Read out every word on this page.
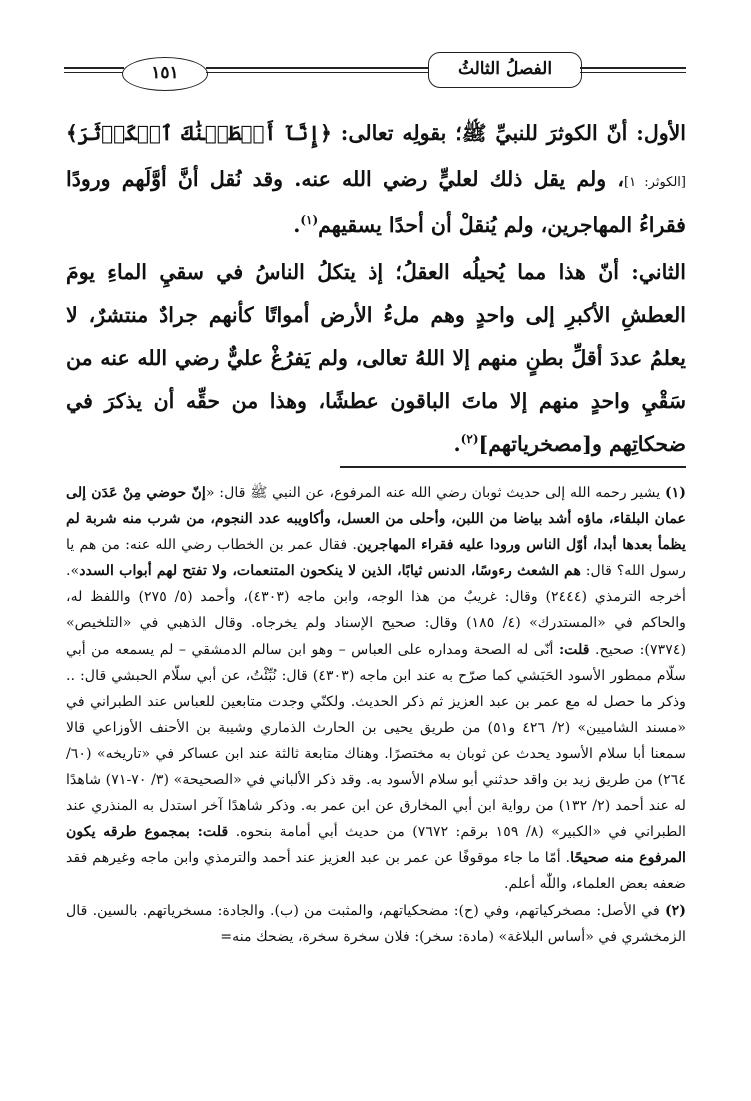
١٥١	الفصلُ الثالثُ

الأول: أنّ الكوثرَ للنبيِّ ﷺ؛ بقولِه تعالى: ﴿إِنَّآ أَعۡطَيۡنَٰكَ ٱلۡكَوۡثَرَ﴾ [الكوثر: ١]، ولم يقل ذلك لعليٍّ رضي الله عنه. وقد نُقل أنَّ أوَّلَهم ورودًا فقراءُ المهاجرين، ولم يُنقلْ أن أحدًا يسقيهم$^{(١)}$.

الثاني: أنّ هذا مما يُحيلُه العقلُ؛ إذ يتكلُ الناسُ في سقيِ الماءِ يومَ العطشِ الأكبرِ إلى واحدٍ وهم ملءُ الأرض أمواتًا كأنهم جرادٌ منتشرٌ، لا يعلمُ عددَ أقلِّ بطنٍ منهم إلا اللهُ تعالى، ولم يَفرُغْ عليٌّ رضي الله عنه من سَقْيِ واحدٍ منهم إلا ماتَ الباقون عطشًا، وهذا من حقِّه أن يذكرَ في ضحكاتِهم و[مصخرياتهم]$^{(٢)}$.

(١) يشير رحمه الله إلى حديث ثوبان رضي الله عنه المرفوع، عن النبي ﷺ قال: «إنّ حوضي مِنْ عَدَن إلى عمان البلقاء، ماؤه أشد بياضا من اللبن، وأحلى من العسل، وأكاويبه عدد النجوم، من شرب منه شربة لم يظمأ بعدها أبدا، أوّل الناس ورودا عليه فقراء المهاجرين. فقال عمر بن الخطاب رضي الله عنه: من هم يا رسول الله؟ قال: هم الشعث رءوسًا، الدنس ثيابًا، الذين لا ينكحون المتنعمات، ولا تفتح لهم أبواب السدد». أخرجه الترمذي (٢٤٤٤) وقال: غريبٌ من هذا الوجه، وابن ماجه (٤٣٠٣)، وأحمد (٥/ ٢٧٥) واللفظ له، والحاكم في «المستدرك» (٤/ ١٨٥) وقال: صحيح الإسناد ولم يخرجاه. وقال الذهبي في «التلخيص» (٧٣٧٤): صحيح. قلت: أنّى له الصحة ومداره على العباس – وهو ابن سالم الدمشقي – لم يسمعه من أبي سلّام ممطور الأسود الحَبَشي كما صرّح به عند ابن ماجه (٤٣٠٣) قال: نُبِّئْتُ، عن أبي سلّام الحبشي قال: .. وذكر ما حصل له مع عمر بن عبد العزيز ثم ذكر الحديث. ولكنّي وجدت متابعين للعباس عند الطبراني في «مسند الشاميين» (٢/ ٤٢٦ و٥١) من طريق يحيى بن الحارث الذماري وشيبة بن الأحنف الأوزاعي قالا سمعنا أبا سلام الأسود يحدث عن ثوبان به مختصرًا. وهناك متابعة ثالثة عند ابن عساكر في «تاريخه» (٦٠/ ٢٦٤) من طريق زيد بن واقد حدثني أبو سلام الأسود به. وقد ذكر الألباني في «الصحيحة» (٣/ ٧٠-٧١) شاهدًا له عند أحمد (٢/ ١٣٢) من رواية ابن أبي المخارق عن ابن عمر به. وذكر شاهدًا آخر استدل به المنذري عند الطبراني في «الكبير» (٨/ ١٥٩ برقم: ٧٦٧٢) من حديث أبي أمامة بنحوه. قلت: بمجموع طرقه يكون المرفوع منه صحيحًا. أمّا ما جاء موقوفًا عن عمر بن عبد العزيز عند أحمد والترمذي وابن ماجه وغيرهم فقد ضعفه بعض العلماء، واللّٰه أعلم.

(٢) في الأصل: مصخركياتهم، وفي (ح): مضحكياتهم، والمثبت من (ب). والجادة: مسخرياتهم. بالسين. قال الزمخشري في «أساس البلاغة» (مادة: سخر): فلان سخرة سخرة، يضحك منه=
